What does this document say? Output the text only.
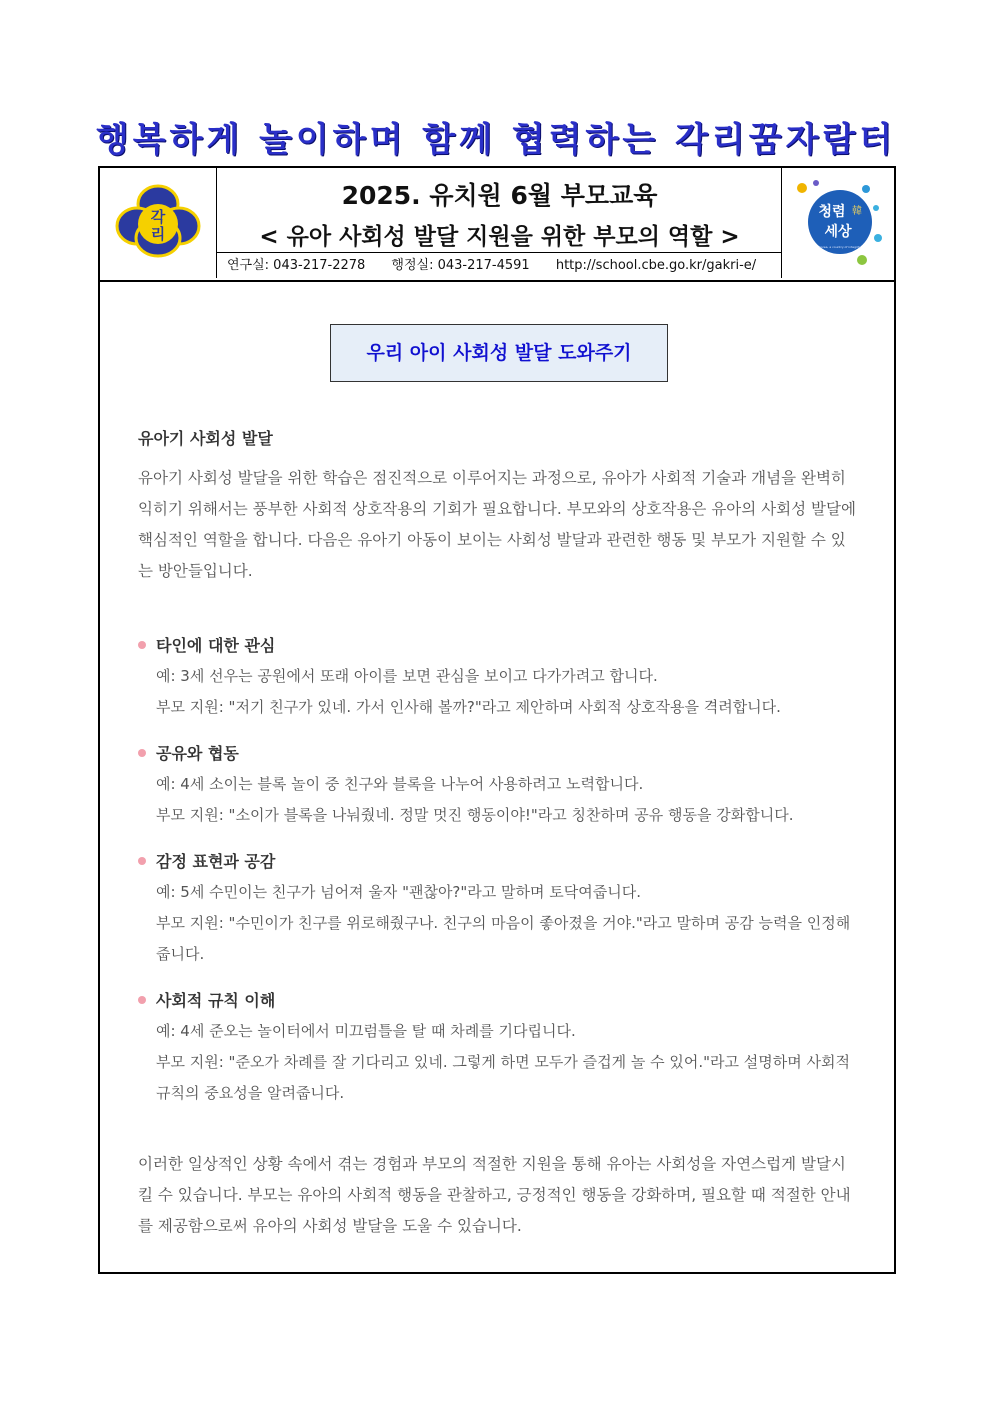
행복하게 놀이하며 함께 협력하는 각리꿈자람터
각
리
2025. 유치원 6월 부모교육
< 유아 사회성 발달 지원을 위한 부모의 역할 >
연구실: 043-217-2278 행정실: 043-217-4591 http://school.cbe.go.kr/gakri-e/
청렴 韓
세상
Korea, a country of integrity
우리 아이 사회성 발달 도와주기
유아기 사회성 발달

유아기 사회성 발달을 위한 학습은 점진적으로 이루어지는 과정으로, 유아가 사회적 기술과 개념을 완벽히 익히기 위해서는 풍부한 사회적 상호작용의 기회가 필요합니다. 부모와의 상호작용은 유아의 사회성 발달에 핵심적인 역할을 합니다. 다음은 유아기 아동이 보이는 사회성 발달과 관련한 행동 및 부모가 지원할 수 있는 방안들입니다.

타인에 대한 관심
예: 3세 선우는 공원에서 또래 아이를 보면 관심을 보이고 다가가려고 합니다.
부모 지원: "저기 친구가 있네. 가서 인사해 볼까?"라고 제안하며 사회적 상호작용을 격려합니다.
공유와 협동
예: 4세 소이는 블록 놀이 중 친구와 블록을 나누어 사용하려고 노력합니다.
부모 지원: "소이가 블록을 나눠줬네. 정말 멋진 행동이야!"라고 칭찬하며 공유 행동을 강화합니다.
감정 표현과 공감
예: 5세 수민이는 친구가 넘어져 울자 "괜찮아?"라고 말하며 토닥여줍니다.
부모 지원: "수민이가 친구를 위로해줬구나. 친구의 마음이 좋아졌을 거야."라고 말하며 공감 능력을 인정해 줍니다.
사회적 규칙 이해
예: 4세 준오는 놀이터에서 미끄럼틀을 탈 때 차례를 기다립니다.
부모 지원: "준오가 차례를 잘 기다리고 있네. 그렇게 하면 모두가 즐겁게 놀 수 있어."라고 설명하며 사회적 규칙의 중요성을 알려줍니다.

이러한 일상적인 상황 속에서 겪는 경험과 부모의 적절한 지원을 통해 유아는 사회성을 자연스럽게 발달시킬 수 있습니다. 부모는 유아의 사회적 행동을 관찰하고, 긍정적인 행동을 강화하며, 필요할 때 적절한 안내를 제공함으로써 유아의 사회성 발달을 도울 수 있습니다.
